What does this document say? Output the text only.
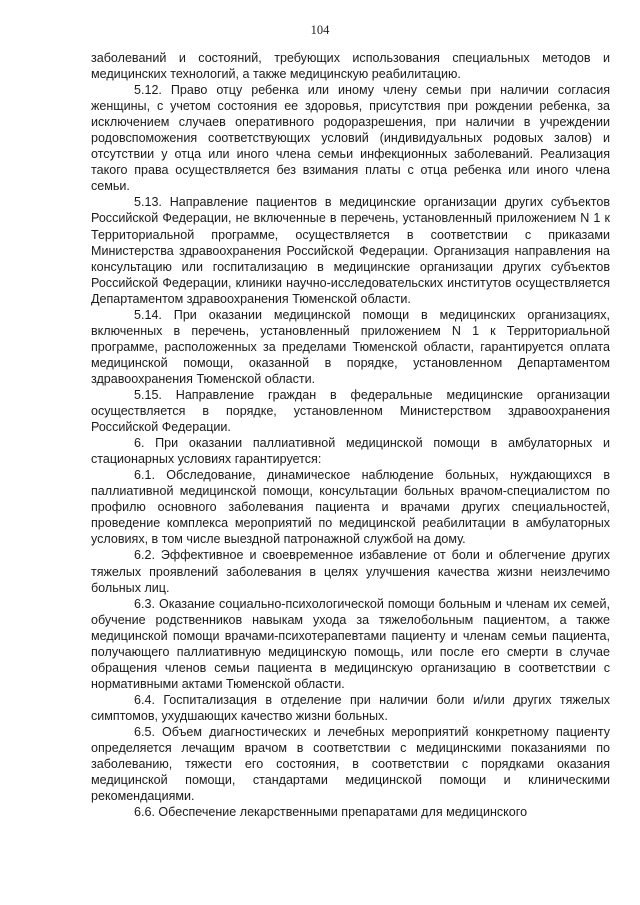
104

заболеваний и состояний, требующих использования специальных методов и медицинских технологий, а также медицинскую реабилитацию.

5.12. Право отцу ребенка или иному члену семьи при наличии согласия женщины, с учетом состояния ее здоровья, присутствия при рождении ребенка, за исключением случаев оперативного родоразрешения, при наличии в учреждении родовспоможения соответствующих условий (индивидуальных родовых залов) и отсутствии у отца или иного члена семьи инфекционных заболеваний. Реализация такого права осуществляется без взимания платы с отца ребенка или иного члена семьи.

5.13. Направление пациентов в медицинские организации других субъектов Российской Федерации, не включенные в перечень, установленный приложением N 1 к Территориальной программе, осуществляется в соответствии с приказами Министерства здравоохранения Российской Федерации. Организация направления на консультацию или госпитализацию в медицинские организации других субъектов Российской Федерации, клиники научно-исследовательских институтов осуществляется Департаментом здравоохранения Тюменской области.

5.14. При оказании медицинской помощи в медицинских организациях, включенных в перечень, установленный приложением N 1 к Территориальной программе, расположенных за пределами Тюменской области, гарантируется оплата медицинской помощи, оказанной в порядке, установленном Департаментом здравоохранения Тюменской области.

5.15. Направление граждан в федеральные медицинские организации осуществляется в порядке, установленном Министерством здравоохранения Российской Федерации.

6. При оказании паллиативной медицинской помощи в амбулаторных и стационарных условиях гарантируется:

6.1. Обследование, динамическое наблюдение больных, нуждающихся в паллиативной медицинской помощи, консультации больных врачом-специалистом по профилю основного заболевания пациента и врачами других специальностей, проведение комплекса мероприятий по медицинской реабилитации в амбулаторных условиях, в том числе выездной патронажной службой на дому.

6.2. Эффективное и своевременное избавление от боли и облегчение других тяжелых проявлений заболевания в целях улучшения качества жизни неизлечимо больных лиц.

6.3. Оказание социально-психологической помощи больным и членам их семей, обучение родственников навыкам ухода за тяжелобольным пациентом, а также медицинской помощи врачами-психотерапевтами пациенту и членам семьи пациента, получающего паллиативную медицинскую помощь, или после его смерти в случае обращения членов семьи пациента в медицинскую организацию в соответствии с нормативными актами Тюменской области.

6.4. Госпитализация в отделение при наличии боли и/или других тяжелых симптомов, ухудшающих качество жизни больных.

6.5. Объем диагностических и лечебных мероприятий конкретному пациенту определяется лечащим врачом в соответствии с медицинскими показаниями по заболеванию, тяжести его состояния, в соответствии с порядками оказания медицинской помощи, стандартами медицинской помощи и клиническими рекомендациями.

6.6. Обеспечение лекарственными препаратами для медицинского
